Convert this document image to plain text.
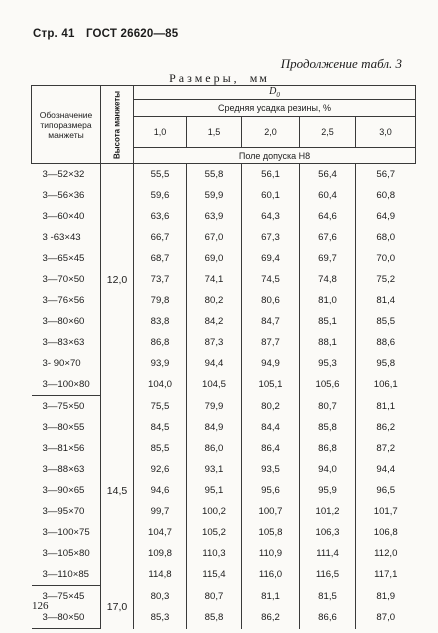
Стр. 41 ГОСТ 26620—85
Продолжение табл. 3
Размеры, мм
Обозначение типоразмера манжеты	Высота манжеты	$D_0$
		Средняя усадка резины, %				
		1,0	1,5	2,0	2,5	3,0
		Поле допуска Н8				
3—52×32	12,0	55,5	55,8	56,1	56,4	56,7
3—56×36		59,6	59,9	60,1	60,4	60,8
3—60×40		63,6	63,9	64,3	64,6	64,9
3 -63×43		66,7	67,0	67,3	67,6	68,0
3—65×45		68,7	69,0	69,4	69,7	70,0
3—70×50		73,7	74,1	74,5	74,8	75,2
3—76×56		79,8	80,2	80,6	81,0	81,4
3—80×60		83,8	84,2	84,7	85,1	85,5
3—83×63		86,8	87,3	87,7	88,1	88,6
3- 90×70		93,9	94,4	94,9	95,3	95,8
3—100×80		104,0	104,5	105,1	105,6	106,1
3—75×50	14,5	75,5	79,9	80,2	80,7	81,1
3—80×55		84,5	84,9	84,4	85,8	86,2
3—81×56		85,5	86,0	86,4	86,8	87,2
3—88×63		92,6	93,1	93,5	94,0	94,4
3—90×65		94,6	95,1	95,6	95,9	96,5
3—95×70		99,7	100,2	100,7	101,2	101,7
3—100×75		104,7	105,2	105,8	106,3	106,8
3—105×80		109,8	110,3	110,9	111,4	112,0
3—110×85		114,8	115,4	116,0	116,5	117,1
3—75×45	17,0	80,3	80,7	81,1	81,5	81,9
3—80×50		85,3	85,8	86,2	86,6	87,0
126
